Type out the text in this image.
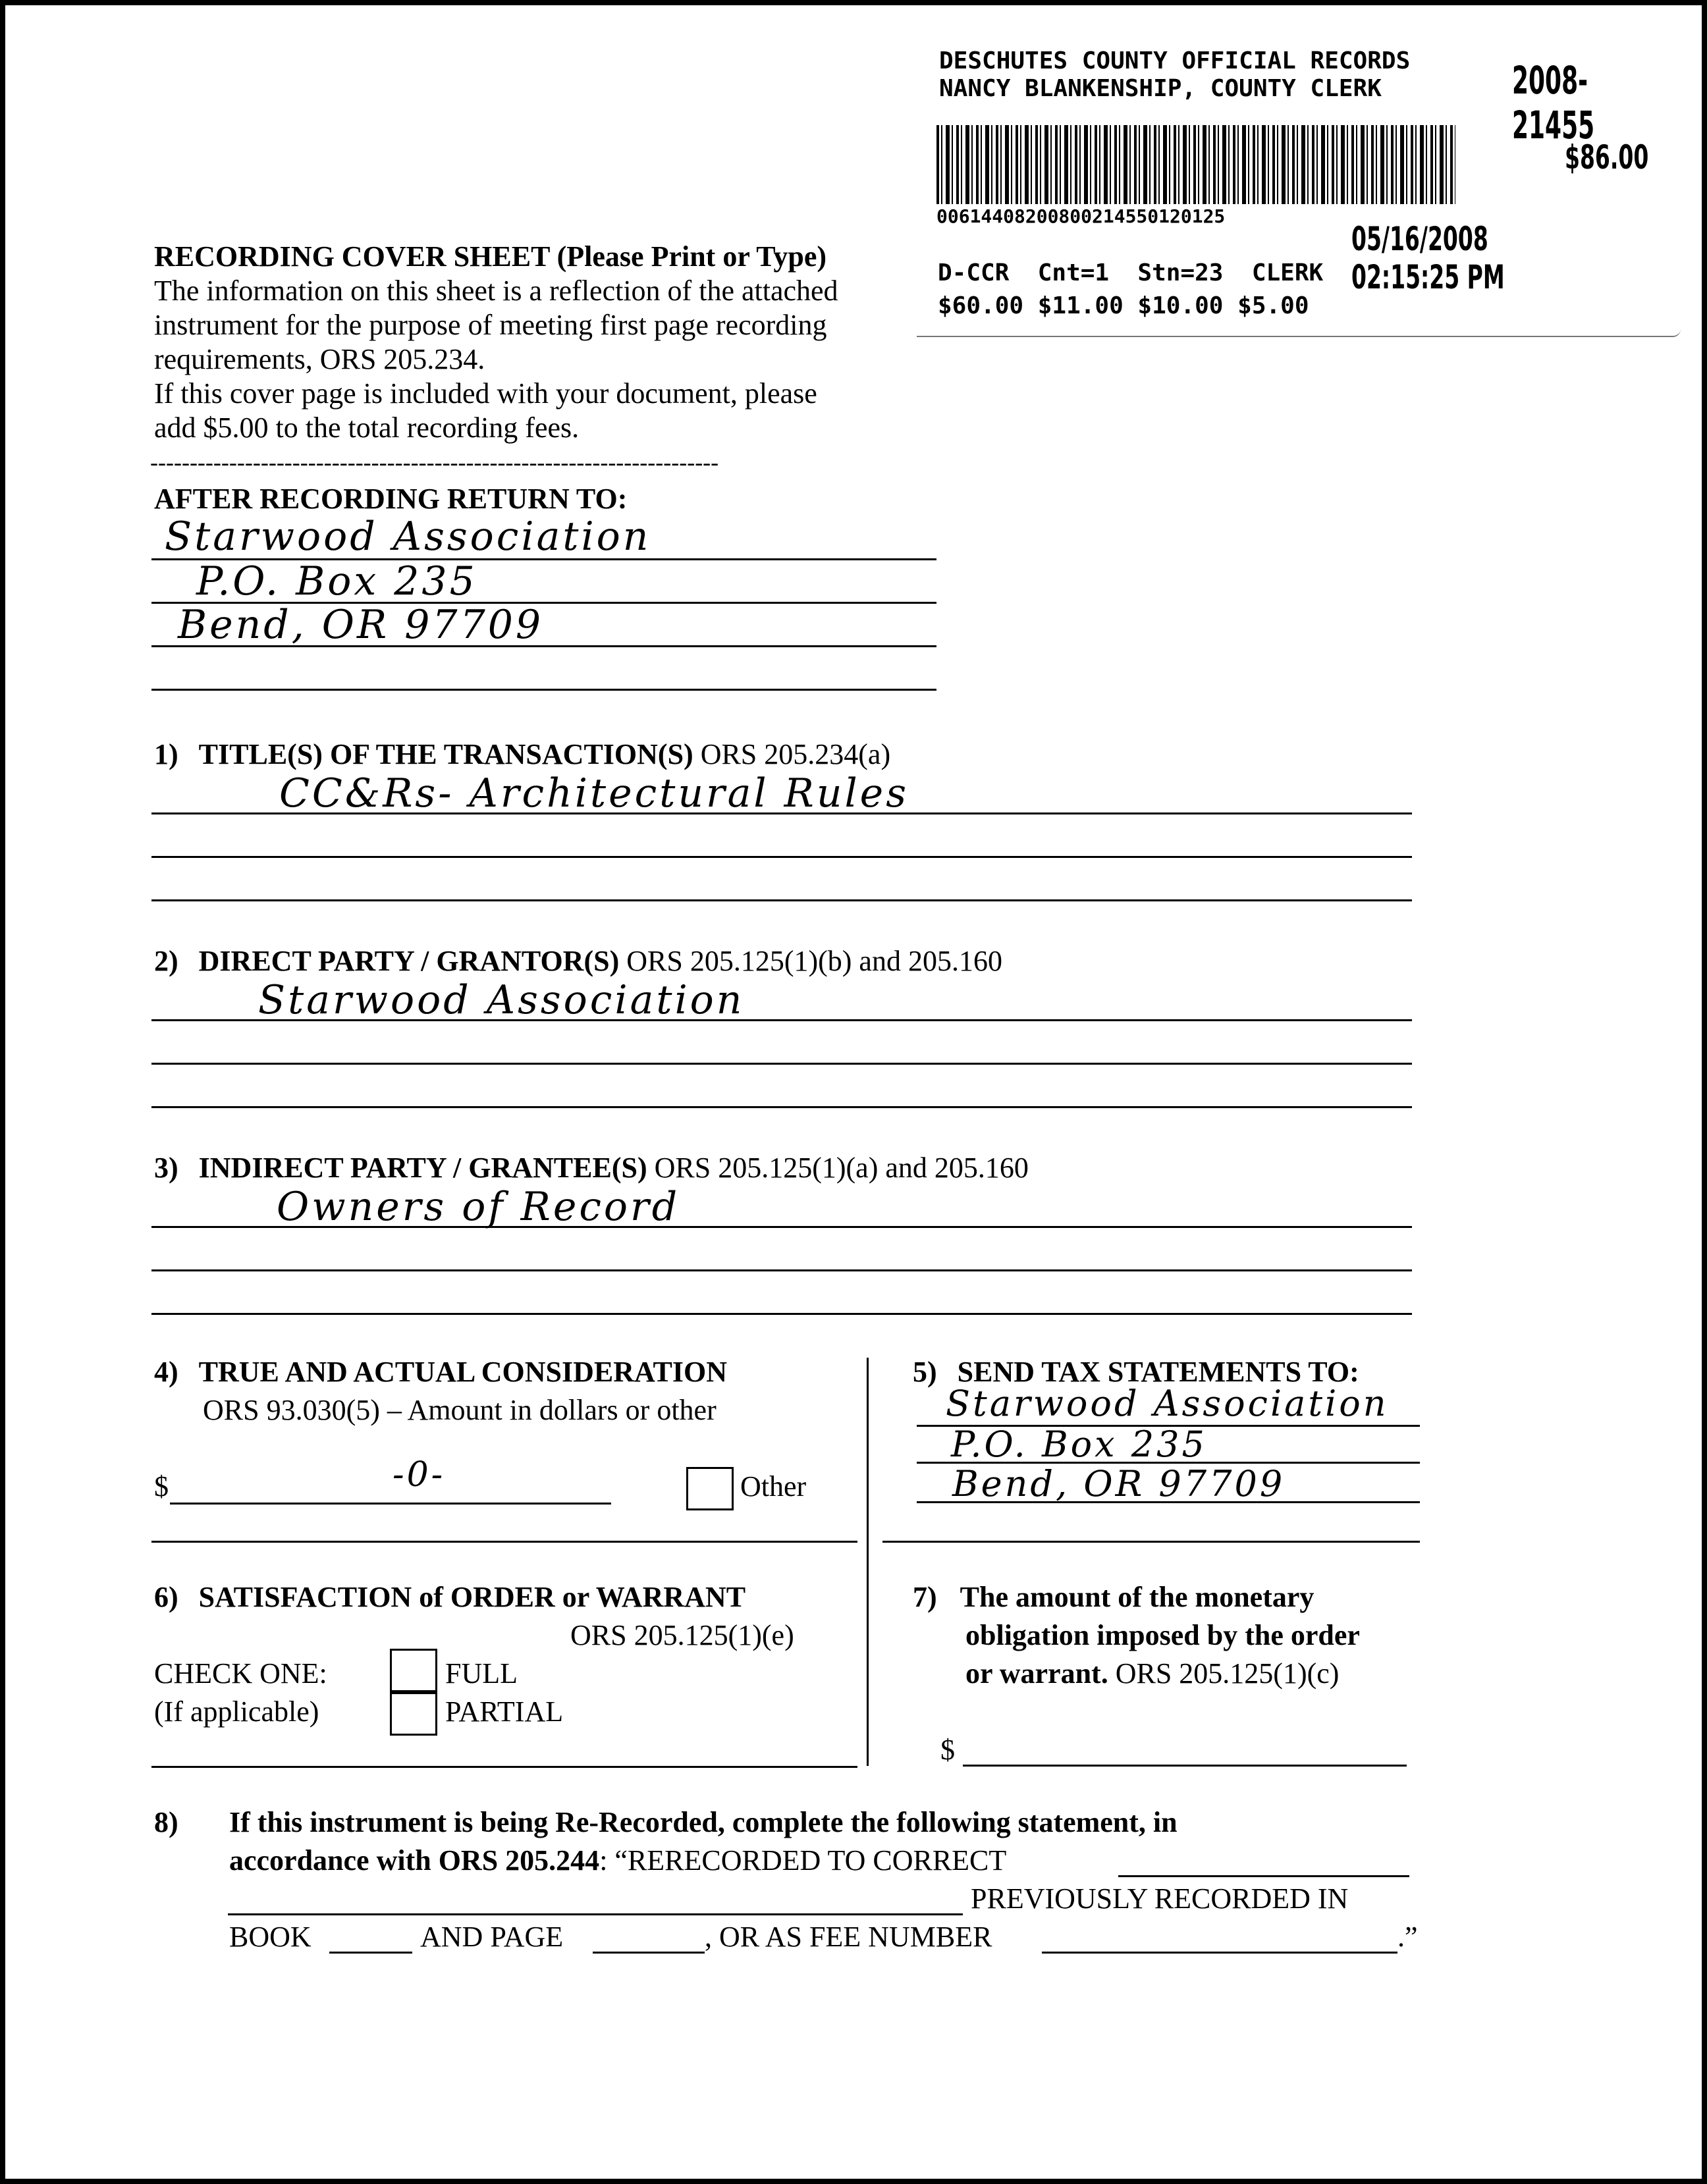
DESCHUTES COUNTY OFFICIAL RECORDS
NANCY BLANKENSHIP, COUNTY CLERK	2008-21455
$86.00
00614408200800214550120125
05/16/2008 02:15:25 PM
D-CCR  Cnt=1  Stn=23  CLERK
$60.00 $11.00 $10.00 $5.00
RECORDING COVER SHEET (Please Print or Type)
The information on this sheet is a reflection of the attached
instrument for the purpose of meeting first page recording
requirements, ORS 205.234.
If this cover page is included with your document, please
add $5.00 to the total recording fees.
------------------------------------------------------------------------
AFTER RECORDING RETURN TO:
Starwood Association
P.O. Box 235
Bend, OR 97709
1) TITLE(S) OF THE TRANSACTION(S) ORS 205.234(a)
CC&Rs- Architectural Rules
2) DIRECT PARTY / GRANTOR(S) ORS 205.125(1)(b) and 205.160
Starwood Association
3) INDIRECT PARTY / GRANTEE(S) ORS 205.125(1)(a) and 205.160
Owners of Record
4) TRUE AND ACTUAL CONSIDERATION
ORS 93.030(5) – Amount in dollars or other
$	-0-	Other
5) SEND TAX STATEMENTS TO:
Starwood Association
P.O. Box 235
Bend, OR 97709
6) SATISFACTION of ORDER or WARRANT
ORS 205.125(1)(e)
CHECK ONE:
(If applicable)
FULL
PARTIAL
7) The amount of the monetary
obligation imposed by the order
or warrant. ORS 205.125(1)(c)
$
8) If this instrument is being Re-Recorded, complete the following statement, in
accordance with ORS 205.244: “RERECORDED TO CORRECT
PREVIOUSLY RECORDED IN
BOOK	AND PAGE	, OR AS FEE NUMBER	.”
